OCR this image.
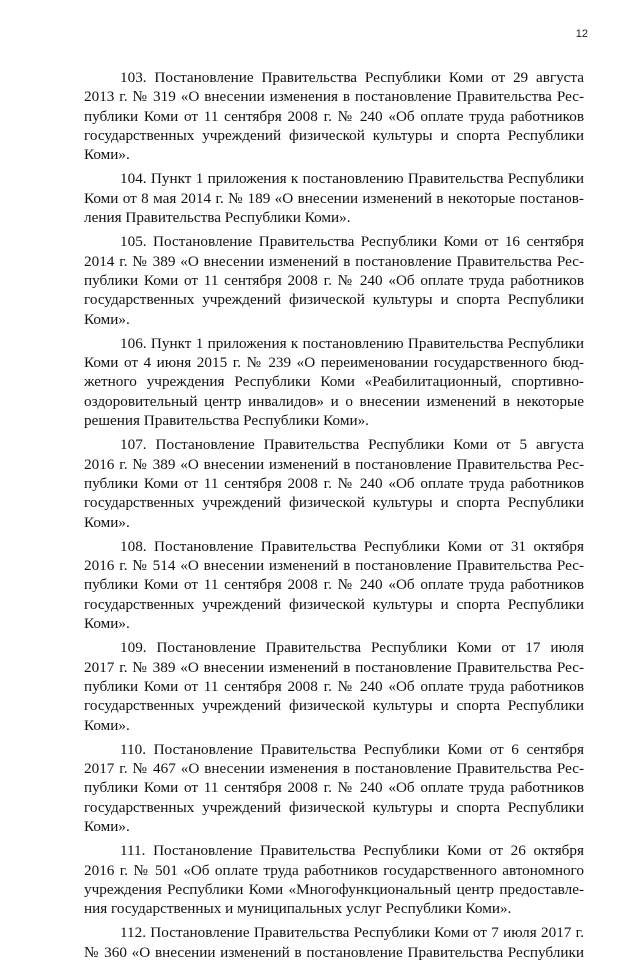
12
103. Постановление Правительства Республики Коми от 29 августа
2013 г. № 319 «О внесении изменения в постановление Правительства Рес-
публики Коми от 11 сентября 2008 г. № 240 «Об оплате труда работников
государственных учреждений физической культуры и спорта Республики
Коми».
104. Пункт 1 приложения к постановлению Правительства Республики
Коми от 8 мая 2014 г. № 189 «О внесении изменений в некоторые постанов-
ления Правительства Республики Коми».
105. Постановление Правительства Республики Коми от 16 сентября
2014 г. № 389 «О внесении изменений в постановление Правительства Рес-
публики Коми от 11 сентября 2008 г. № 240 «Об оплате труда работников
государственных учреждений физической культуры и спорта Республики
Коми».
106. Пункт 1 приложения к постановлению Правительства Республики
Коми от 4 июня 2015 г. № 239 «О переименовании государственного бюд-
жетного учреждения Республики Коми «Реабилитационный, спортивно-
оздоровительный центр инвалидов» и о внесении изменений в некоторые
решения Правительства Республики Коми».
107. Постановление Правительства Республики Коми от 5 августа
2016 г. № 389 «О внесении изменений в постановление Правительства Рес-
публики Коми от 11 сентября 2008 г. № 240 «Об оплате труда работников
государственных учреждений физической культуры и спорта Республики
Коми».
108. Постановление Правительства Республики Коми от 31 октября
2016 г. № 514 «О внесении изменений в постановление Правительства Рес-
публики Коми от 11 сентября 2008 г. № 240 «Об оплате труда работников
государственных учреждений физической культуры и спорта Республики
Коми».
109. Постановление Правительства Республики Коми от 17 июля
2017 г. № 389 «О внесении изменений в постановление Правительства Рес-
публики Коми от 11 сентября 2008 г. № 240 «Об оплате труда работников
государственных учреждений физической культуры и спорта Республики
Коми».
110. Постановление Правительства Республики Коми от 6 сентября
2017 г. № 467 «О внесении изменения в постановление Правительства Рес-
публики Коми от 11 сентября 2008 г. № 240 «Об оплате труда работников
государственных учреждений физической культуры и спорта Республики
Коми».
111. Постановление Правительства Республики Коми от 26 октября
2016 г. № 501 «Об оплате труда работников государственного автономного
учреждения Республики Коми «Многофункциональный центр предоставле-
ния государственных и муниципальных услуг Республики Коми».
112. Постановление Правительства Республики Коми от 7 июля 2017 г.
№ 360 «О внесении изменений в постановление Правительства Республики
